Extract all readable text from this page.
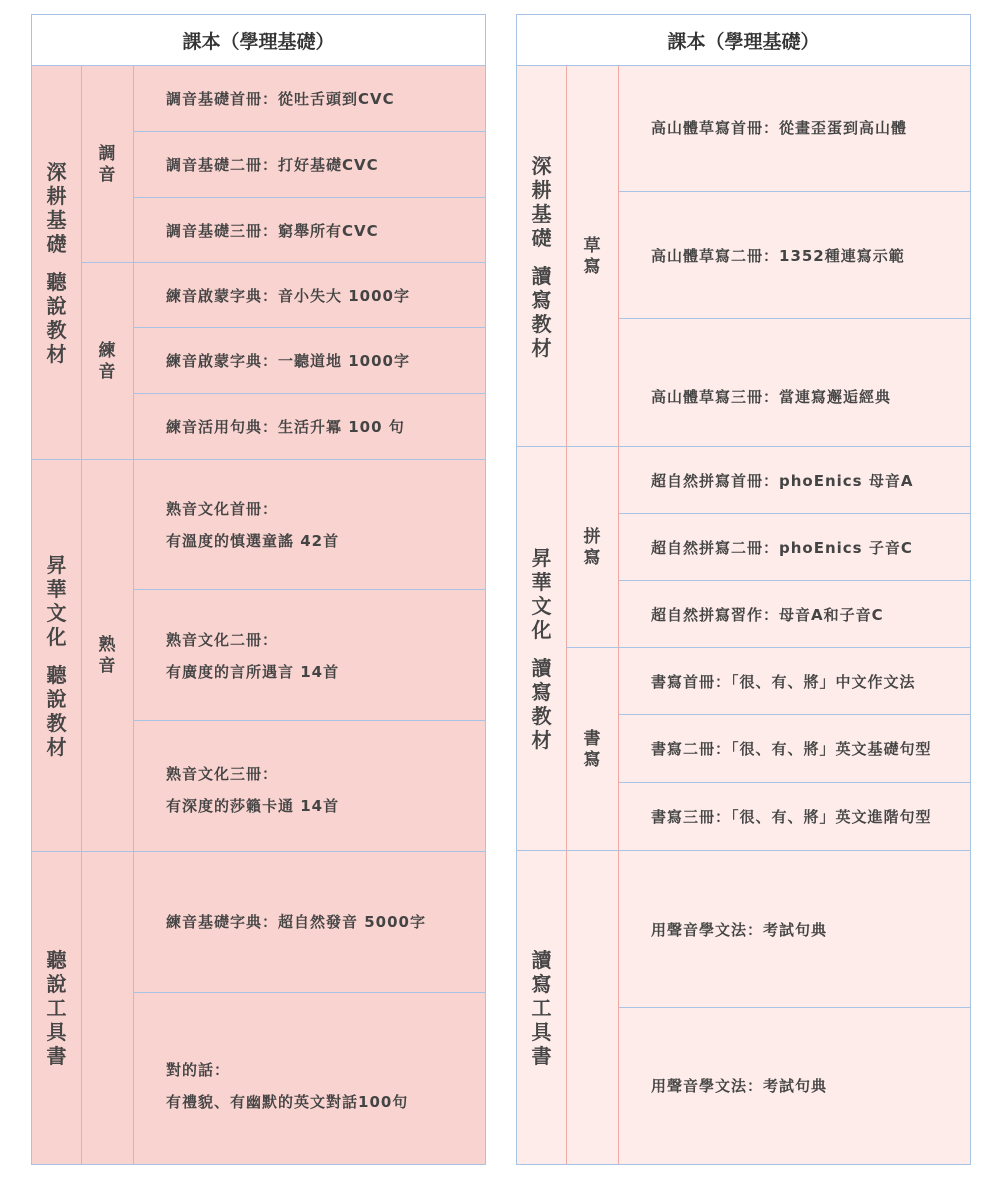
課本（學理基礎）
深
耕
基
礎
聽
說
教
材
昇
華
文
化
聽
說
教
材
聽
說
工
具
書
調
音
練
音
熟
音
調音基礎首冊：從吐舌頭到CVC
調音基礎二冊：打好基礎CVC
調音基礎三冊：窮舉所有CVC
練音啟蒙字典：音小失大 1000字
練音啟蒙字典：一聽道地 1000字
練音活用句典：生活升冪 100 句
熟音文化首冊：
有溫度的慎選童謠 42首
熟音文化二冊：
有廣度的言所遇言 14首
熟音文化三冊：
有深度的莎籟卡通 14首
練音基礎字典：超自然發音 5000字
對的話：
有禮貌、有幽默的英文對話100句
課本（學理基礎）
深
耕
基
礎
讀
寫
教
材
昇
華
文
化
讀
寫
教
材
讀
寫
工
具
書
草
寫
拼
寫
書
寫
高山體草寫首冊：從畫歪蛋到高山體
高山體草寫二冊：1352種連寫示範
高山體草寫三冊：當連寫邂逅經典
超自然拼寫首冊：phoEnics 母音A
超自然拼寫二冊：phoEnics 子音C
超自然拼寫習作：母音A和子音C
書寫首冊：「很、有、將」中文作文法
書寫二冊：「很、有、將」英文基礎句型
書寫三冊：「很、有、將」英文進階句型
用聲音學文法：考試句典
用聲音學文法：考試句典
